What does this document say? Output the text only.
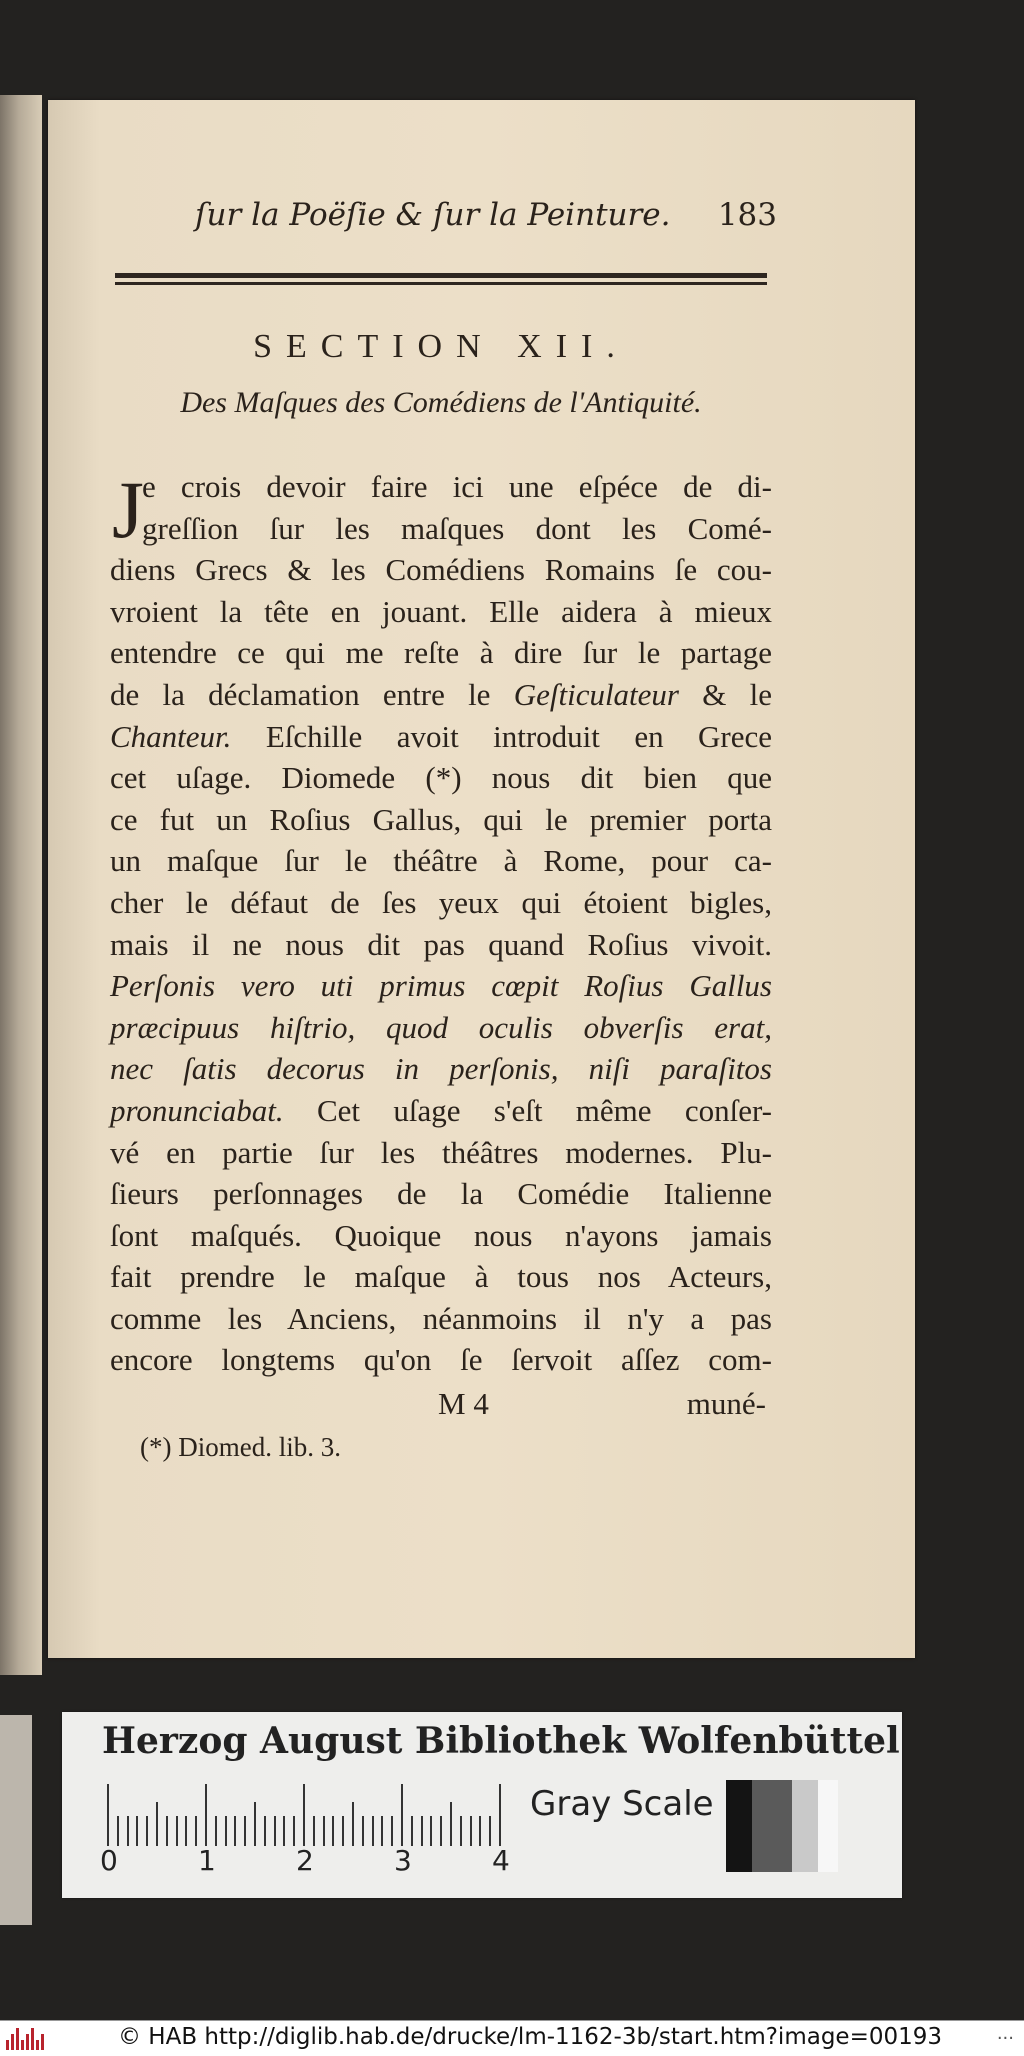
ſur la Poëſie & ſur la Peinture. 183
SECTION XII.
Des Maſques des Comédiens de l'Antiquité.
J
e crois devoir faire ici une eſpéce de di-
greſſion ſur les maſques dont les Comé-
diens Grecs & les Comédiens Romains ſe cou-
vroient la tête en jouant. Elle aidera à mieux
entendre ce qui me reſte à dire ſur le partage
de la déclamation entre le Geſticulateur & le
Chanteur. Eſchille avoit introduit en Grece
cet uſage. Diomede (*) nous dit bien que
ce fut un Roſius Gallus, qui le premier porta
un maſque ſur le théâtre à Rome, pour ca-
cher le défaut de ſes yeux qui étoient bigles,
mais il ne nous dit pas quand Roſius vivoit.
Perſonis vero uti primus cœpit Roſius Gallus
præcipuus hiſtrio, quod oculis obverſis erat,
nec ſatis decorus in perſonis, niſi paraſitos
pronunciabat. Cet uſage s'eſt même conſer-
vé en partie ſur les théâtres modernes. Plu-
ſieurs perſonnages de la Comédie Italienne
ſont maſqués. Quoique nous n'ayons jamais
fait prendre le maſque à tous nos Acteurs,
comme les Anciens, néanmoins il n'y a pas
encore longtems qu'on ſe ſervoit aſſez com-
M 4	muné-
(*) Diomed. lib. 3.
Herzog August Bibliothek Wolfenbüttel
0	1	2	3	4
Gray Scale
© HAB http://diglib.hab.de/drucke/lm-1162-3b/start.htm?image=00193	...
